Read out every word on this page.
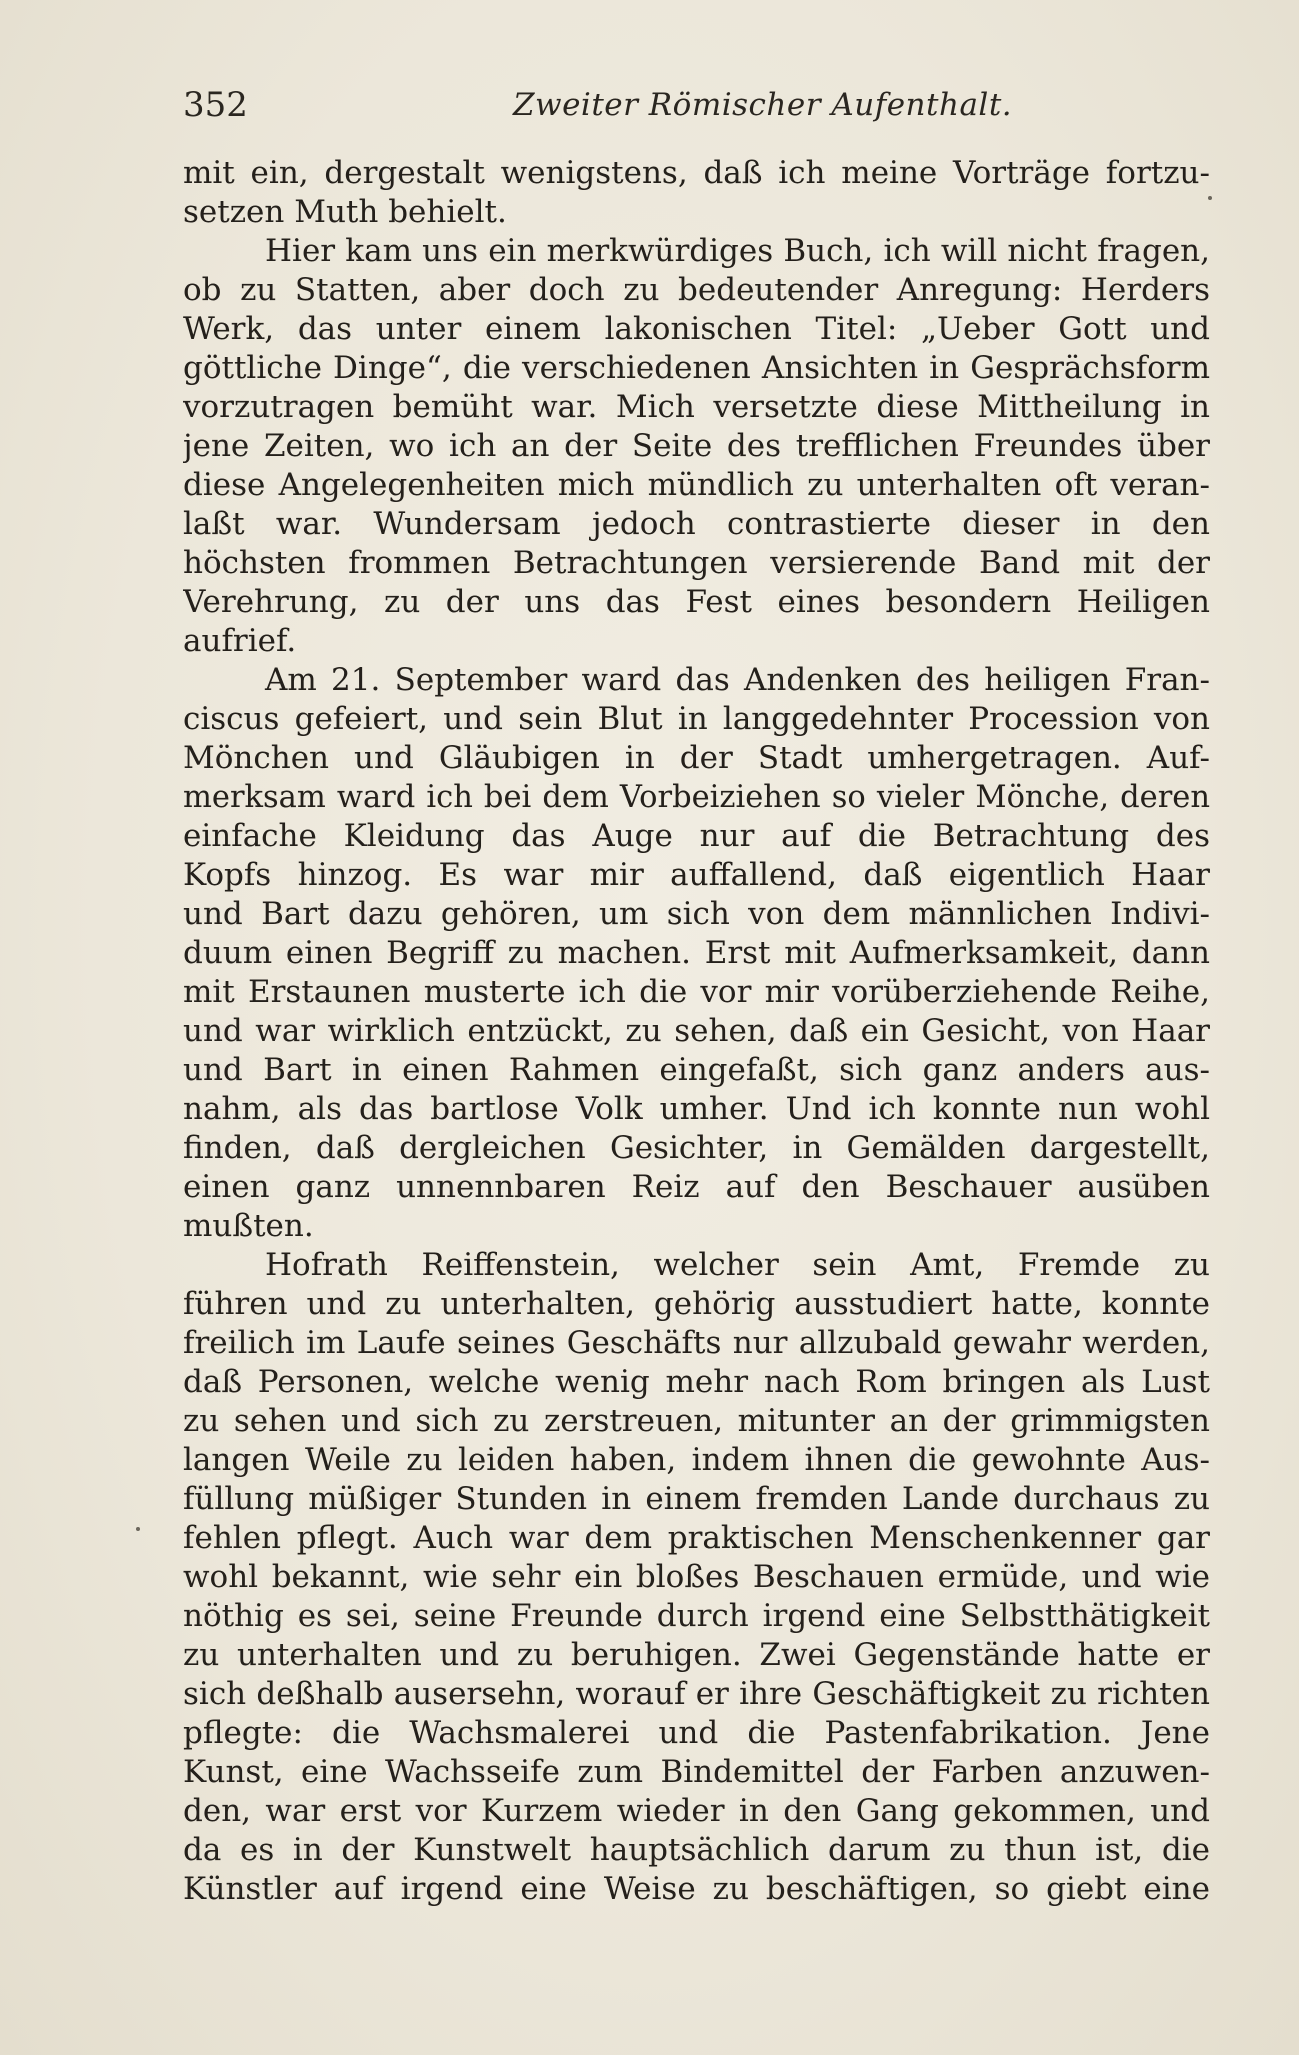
352	Zweiter Römischer Aufenthalt.
mit ein, dergestalt wenigstens, daß ich meine Vorträge fortzu-
setzen Muth behielt.
Hier kam uns ein merkwürdiges Buch, ich will nicht fragen,
ob zu Statten, aber doch zu bedeutender Anregung: Herders
Werk, das unter einem lakonischen Titel: „Ueber Gott und
göttliche Dinge“, die verschiedenen Ansichten in Gesprächsform
vorzutragen bemüht war. Mich versetzte diese Mittheilung in
jene Zeiten, wo ich an der Seite des trefflichen Freundes über
diese Angelegenheiten mich mündlich zu unterhalten oft veran-
laßt war. Wundersam jedoch contrastierte dieser in den
höchsten frommen Betrachtungen versierende Band mit der
Verehrung, zu der uns das Fest eines besondern Heiligen
aufrief.
Am 21. September ward das Andenken des heiligen Fran-
ciscus gefeiert, und sein Blut in langgedehnter Procession von
Mönchen und Gläubigen in der Stadt umhergetragen. Auf-
merksam ward ich bei dem Vorbeiziehen so vieler Mönche, deren
einfache Kleidung das Auge nur auf die Betrachtung des
Kopfs hinzog. Es war mir auffallend, daß eigentlich Haar
und Bart dazu gehören, um sich von dem männlichen Indivi-
duum einen Begriff zu machen. Erst mit Aufmerksamkeit, dann
mit Erstaunen musterte ich die vor mir vorüberziehende Reihe,
und war wirklich entzückt, zu sehen, daß ein Gesicht, von Haar
und Bart in einen Rahmen eingefaßt, sich ganz anders aus-
nahm, als das bartlose Volk umher. Und ich konnte nun wohl
finden, daß dergleichen Gesichter, in Gemälden dargestellt,
einen ganz unnennbaren Reiz auf den Beschauer ausüben
mußten.
Hofrath Reiffenstein, welcher sein Amt, Fremde zu
führen und zu unterhalten, gehörig ausstudiert hatte, konnte
freilich im Laufe seines Geschäfts nur allzubald gewahr werden,
daß Personen, welche wenig mehr nach Rom bringen als Lust
zu sehen und sich zu zerstreuen, mitunter an der grimmigsten
langen Weile zu leiden haben, indem ihnen die gewohnte Aus-
füllung müßiger Stunden in einem fremden Lande durchaus zu
fehlen pflegt. Auch war dem praktischen Menschenkenner gar
wohl bekannt, wie sehr ein bloßes Beschauen ermüde, und wie
nöthig es sei, seine Freunde durch irgend eine Selbstthätigkeit
zu unterhalten und zu beruhigen. Zwei Gegenstände hatte er
sich deßhalb ausersehn, worauf er ihre Geschäftigkeit zu richten
pflegte: die Wachsmalerei und die Pastenfabrikation. Jene
Kunst, eine Wachsseife zum Bindemittel der Farben anzuwen-
den, war erst vor Kurzem wieder in den Gang gekommen, und
da es in der Kunstwelt hauptsächlich darum zu thun ist, die
Künstler auf irgend eine Weise zu beschäftigen, so giebt eine
